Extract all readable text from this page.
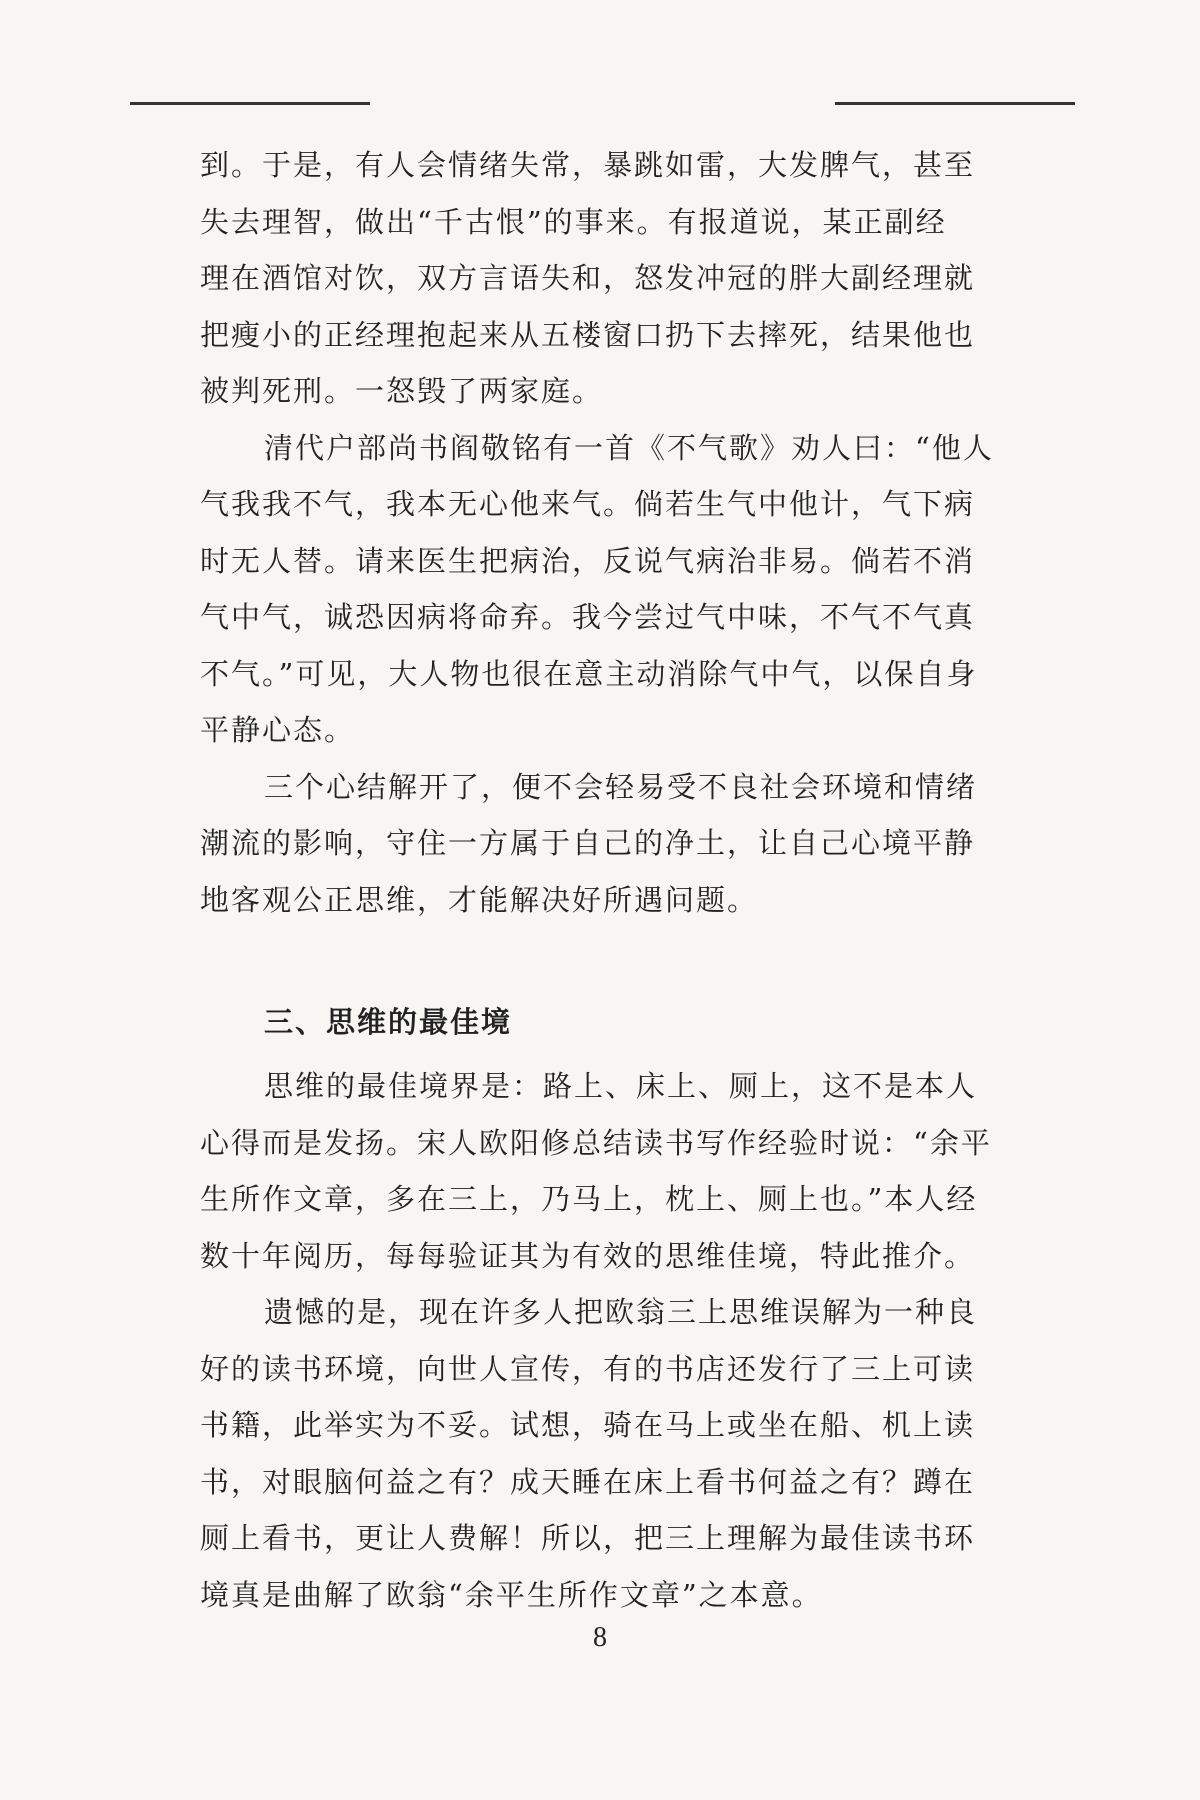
到。于是，有人会情绪失常，暴跳如雷，大发脾气，甚至
失去理智，做出“千古恨”的事来。有报道说，某正副经
理在酒馆对饮，双方言语失和，怒发冲冠的胖大副经理就
把瘦小的正经理抱起来从五楼窗口扔下去摔死，结果他也
被判死刑。一怒毁了两家庭。
清代户部尚书阎敬铭有一首《不气歌》劝人曰：“他人
气我我不气，我本无心他来气。倘若生气中他计，气下病
时无人替。请来医生把病治，反说气病治非易。倘若不消
气中气，诚恐因病将命弃。我今尝过气中味，不气不气真
不气。”可见，大人物也很在意主动消除气中气，以保自身
平静心态。
三个心结解开了，便不会轻易受不良社会环境和情绪
潮流的影响，守住一方属于自己的净土，让自己心境平静
地客观公正思维，才能解决好所遇问题。
三、思维的最佳境
思维的最佳境界是：路上、床上、厕上，这不是本人
心得而是发扬。宋人欧阳修总结读书写作经验时说：“余平
生所作文章，多在三上，乃马上，枕上、厕上也。”本人经
数十年阅历，每每验证其为有效的思维佳境，特此推介。
遗憾的是，现在许多人把欧翁三上思维误解为一种良
好的读书环境，向世人宣传，有的书店还发行了三上可读
书籍，此举实为不妥。试想，骑在马上或坐在船、机上读
书，对眼脑何益之有？成天睡在床上看书何益之有？蹲在
厕上看书，更让人费解！所以，把三上理解为最佳读书环
境真是曲解了欧翁“余平生所作文章”之本意。
8
